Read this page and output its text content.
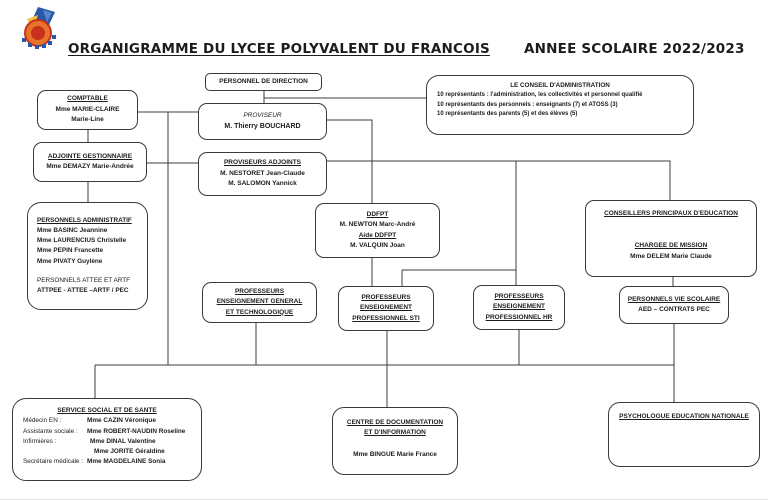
ORGANIGRAMME DU LYCEE POLYVALENT DU FRANCOIS	ANNEE SCOLAIRE 2022/2023
PERSONNEL DE DIRECTION
PROVISEUR
M. Thierry BOUCHARD
LE CONSEIL D'ADMINISTRATION
10 représentants : l'administration, les collectivités et personnel qualifié
10 représentants des personnels : enseignants (7) et ATOSS (3)
10 représentants des parents (5) et des élèves (5)
COMPTABLE
Mme MARIE-CLAIRE
Marie-Line
ADJOINTE GESTIONNAIRE
Mme DEMAZY Marie-Andrée
PROVISEURS ADJOINTS
M. NESTORET Jean-Claude
M. SALOMON Yannick
DDFPT
M. NEWTON Marc-André
Aide DDFPT
M. VALQUIN Joan
PERSONNELS ADMINISTRATIF
Mme BASINC Jeannine
Mme LAURENCIUS Christelle
Mme PEPIN Francette
Mme PIVATY Guylène
PERSONNELS ATTEE ET ARTF
ATTPEE - ATTEE –ARTF / PEC
CONSEILLERS PRINCIPAUX D'EDUCATION
CHARGEE DE MISSION
Mme DELEM Marie Claude
PROFESSEURS
ENSEIGNEMENT GENERAL
ET TECHNOLOGIQUE
PROFESSEURS
ENSEIGNEMENT
PROFESSIONNEL STI
PROFESSEURS
ENSEIGNEMENT
PROFESSIONNEL HR
PERSONNELS VIE SCOLAIRE
AED – CONTRATS PEC
SERVICE SOCIAL ET DE SANTE
Médecin EN :	Mme CAZIN Véronique
Assistante sociale :	Mme ROBERT-NAUDIN Roseline
Infirmières :	Mme DINAL Valentine
Mme JORITE Géraldine
Secrétaire médicale : Mme MAGDELAINE Sonia
CENTRE DE DOCUMENTATION
ET D'INFORMATION
Mme BINGUE Marie France
PSYCHOLOGUE EDUCATION NATIONALE
